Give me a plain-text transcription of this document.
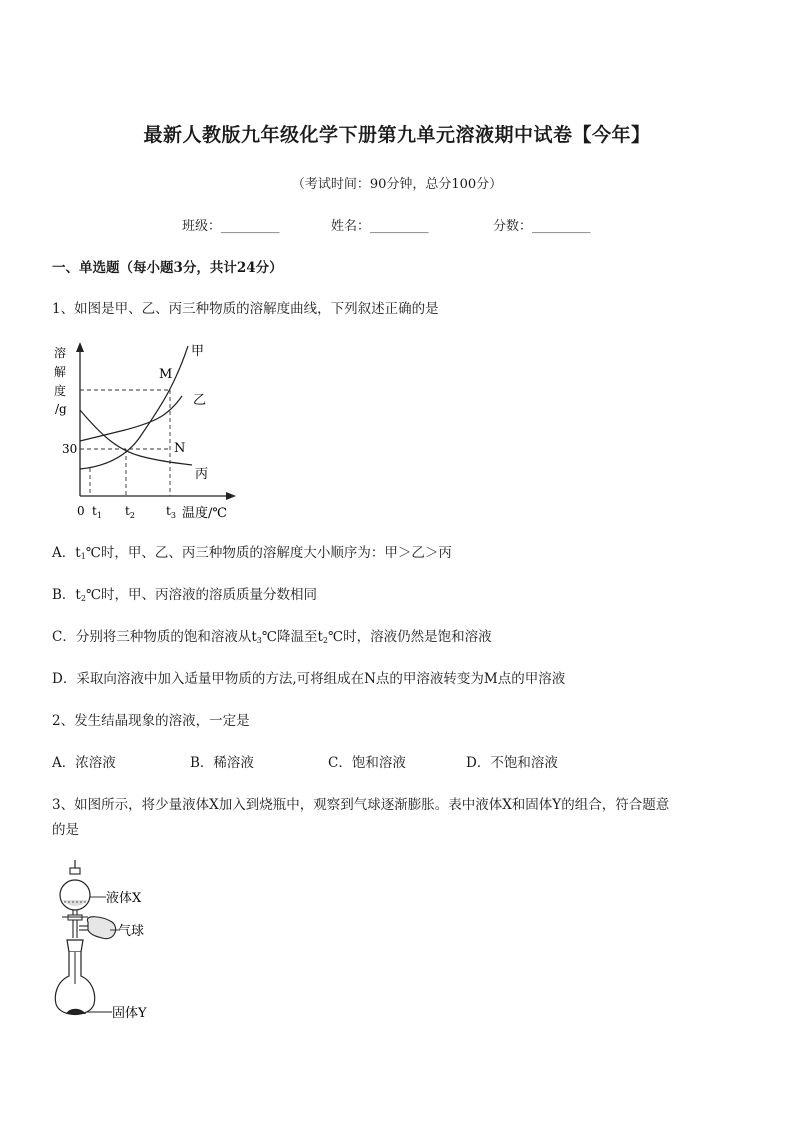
最新人教版九年级化学下册第九单元溶液期中试卷【今年】
（考试时间：90分钟，总分100分）
班级：_________	姓名：_________	分数：_________
一、单选题（每小题3分，共计24分）
1、如图是甲、乙、丙三种物质的溶解度曲线，下列叙述正确的是
溶
解
度
/g
30
0 $t_1$ $t_2$	$t_3$ 温度/℃
甲
乙
丙
M
N
A．$t_1℃$时，甲、乙、丙三种物质的溶解度大小顺序为：甲＞乙＞丙
B．$t_2℃$时，甲、丙溶液的溶质质量分数相同
C．分别将三种物质的饱和溶液从$t_3℃$降温至$t_2℃$时，溶液仍然是饱和溶液
D．采取向溶液中加入适量甲物质的方法,可将组成在N点的甲溶液转变为M点的甲溶液
2、发生结晶现象的溶液，一定是
A．浓溶液	B．稀溶液	C．饱和溶液	D．不饱和溶液
3、如图所示，将少量液体X加入到烧瓶中，观察到气球逐渐膨胀。表中液体X和固体Y的组合，符合题意
的是
液体X
气球
固体Y
